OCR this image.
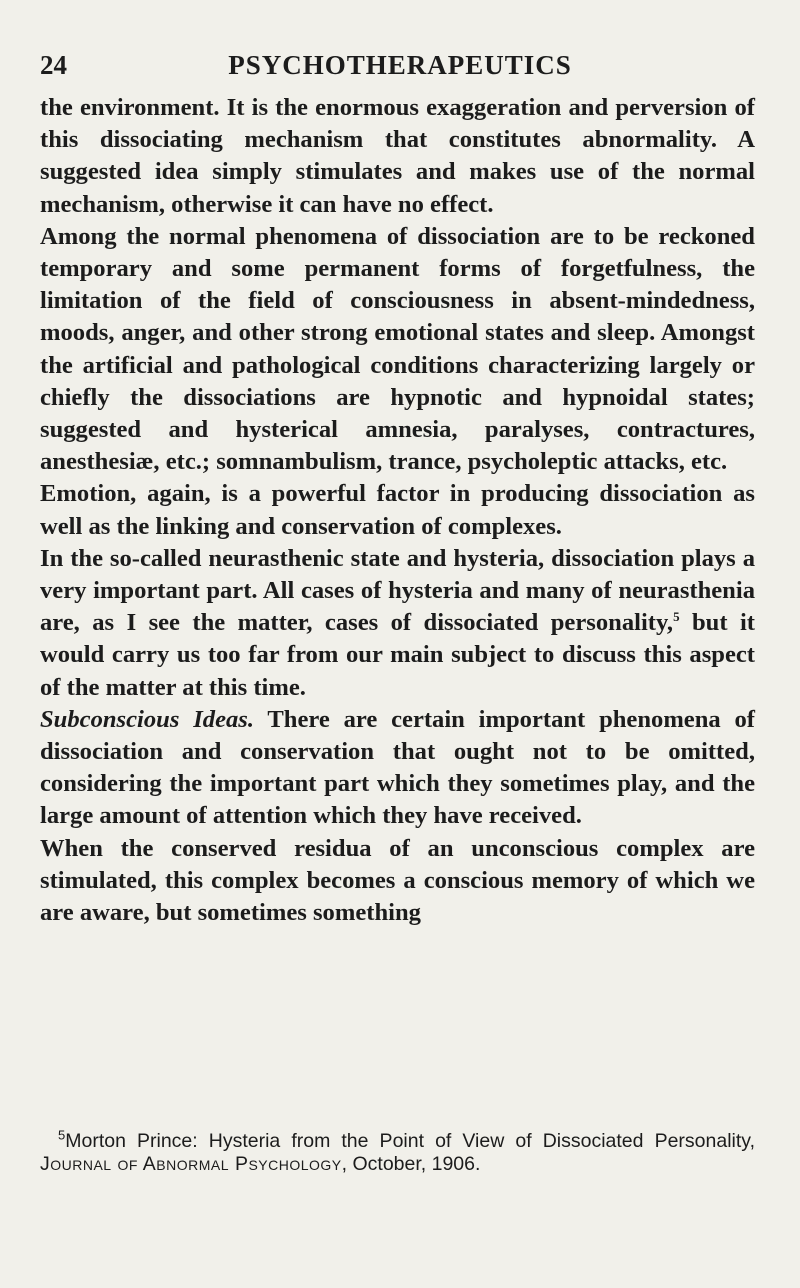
24	PSYCHOTHERAPEUTICS

the environment. It is the enormous exaggeration and perversion of this dissociating mechanism that constitutes abnormality. A suggested idea simply stimulates and makes use of the normal mechanism, otherwise it can have no effect.

Among the normal phenomena of dissociation are to be reckoned temporary and some permanent forms of forgetfulness, the limitation of the field of consciousness in absent-mindedness, moods, anger, and other strong emotional states and sleep. Amongst the artificial and pathological conditions characterizing largely or chiefly the dissociations are hypnotic and hypnoidal states; suggested and hysterical amnesia, paralyses, contractures, anesthesiæ, etc.; somnambulism, trance, psycholeptic attacks, etc.

Emotion, again, is a powerful factor in producing dissociation as well as the linking and conservation of complexes.

In the so-called neurasthenic state and hysteria, dissociation plays a very important part. All cases of hysteria and many of neurasthenia are, as I see the matter, cases of dissociated personality,$^5$ but it would carry us too far from our main subject to discuss this aspect of the matter at this time.

Subconscious Ideas. There are certain important phenomena of dissociation and conservation that ought not to be omitted, considering the important part which they sometimes play, and the large amount of attention which they have received.

When the conserved residua of an unconscious complex are stimulated, this complex becomes a conscious memory of which we are aware, but sometimes something

$^5$Morton Prince: Hysteria from the Point of View of Dissociated Personality, Journal of Abnormal Psychology, October, 1906.
